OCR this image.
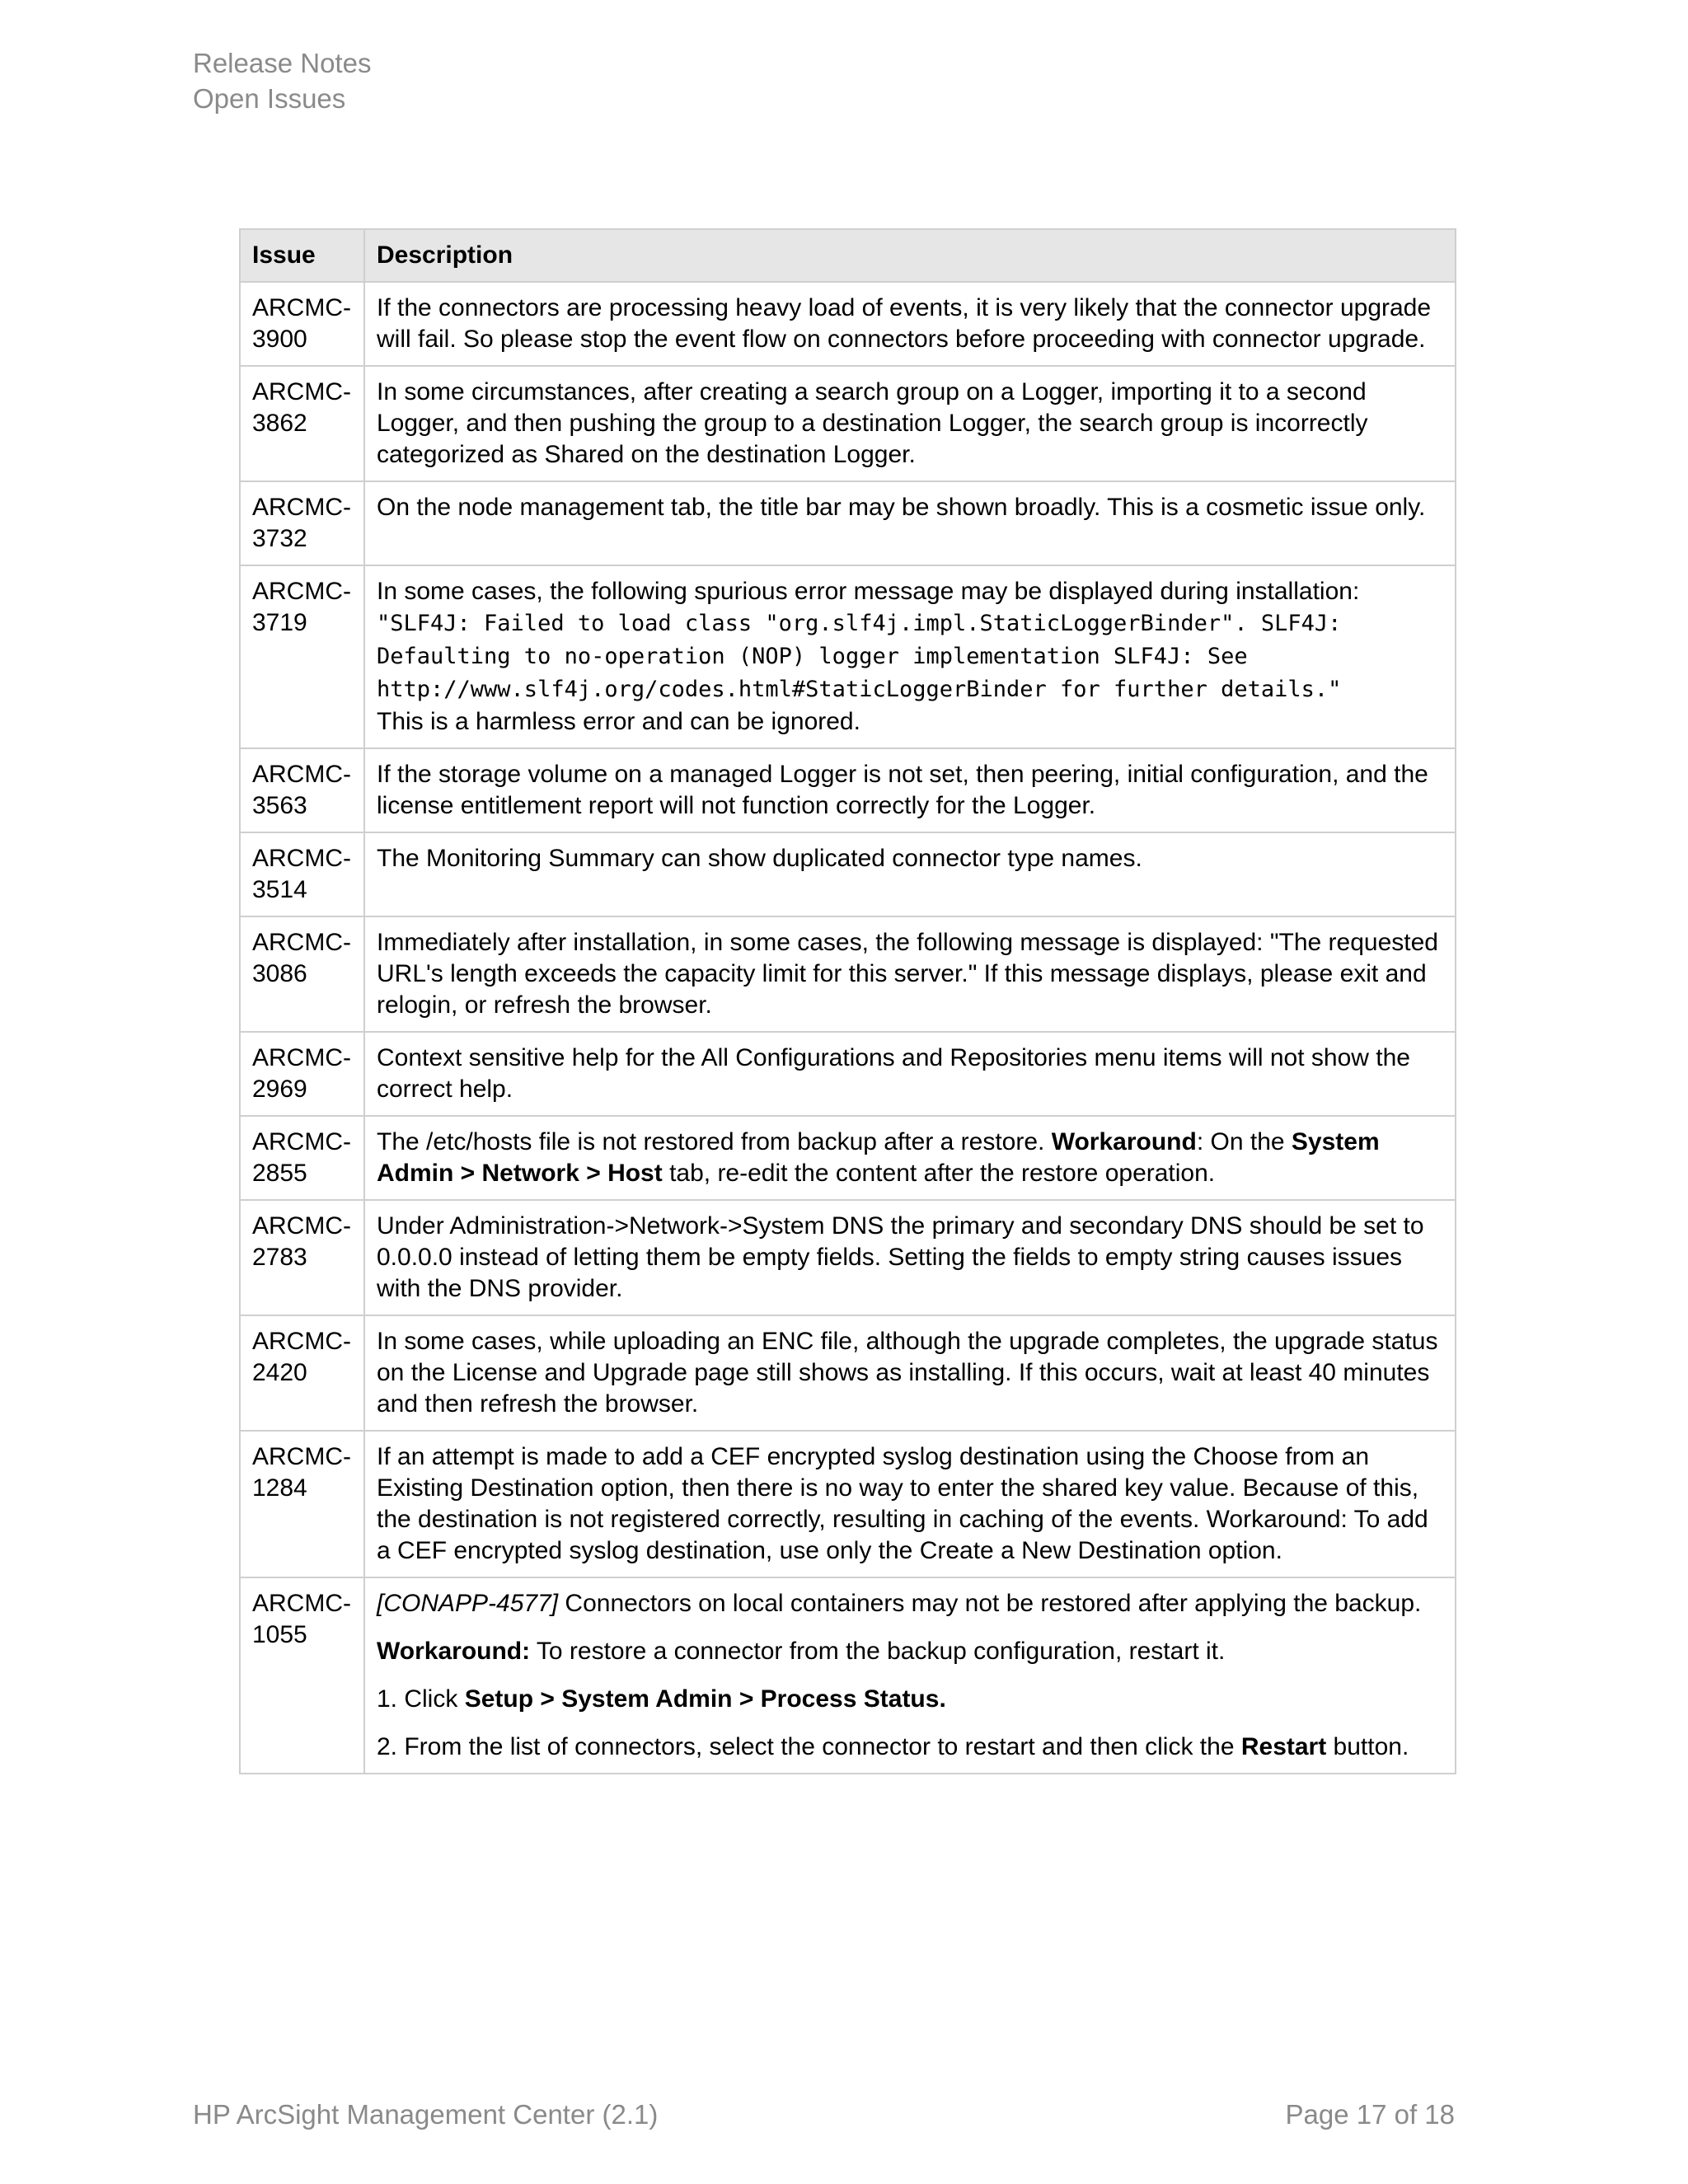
Release Notes
Open Issues
Issue	Description
ARCMC-3900	If the connectors are processing heavy load of events, it is very likely that the connector upgrade will fail. So please stop the event flow on connectors before proceeding with connector upgrade.
ARCMC-3862	In some circumstances, after creating a search group on a Logger, importing it to a second Logger, and then pushing the group to a destination Logger, the search group is incorrectly categorized as Shared on the destination Logger.
ARCMC-3732	On the node management tab, the title bar may be shown broadly. This is a cosmetic issue only.
ARCMC-3719	In some cases, the following spurious error message may be displayed during installation:
"SLF4J: Failed to load class "org.slf4j.impl.StaticLoggerBinder". SLF4J: Defaulting to no-operation (NOP) logger implementation SLF4J: See http://www.slf4j.org/codes.html#StaticLoggerBinder for further details."
This is a harmless error and can be ignored.
ARCMC-3563	If the storage volume on a managed Logger is not set, then peering, initial configuration, and the license entitlement report will not function correctly for the Logger.
ARCMC-3514	The Monitoring Summary can show duplicated connector type names.
ARCMC-3086	Immediately after installation, in some cases, the following message is displayed: "The requested URL's length exceeds the capacity limit for this server." If this message displays, please exit and relogin, or refresh the browser.
ARCMC-2969	Context sensitive help for the All Configurations and Repositories menu items will not show the correct help.
ARCMC-2855	The /etc/hosts file is not restored from backup after a restore. Workaround: On the System Admin > Network > Host tab, re-edit the content after the restore operation.
ARCMC-2783	Under Administration->Network->System DNS the primary and secondary DNS should be set to 0.0.0.0 instead of letting them be empty fields. Setting the fields to empty string causes issues with the DNS provider.
ARCMC-2420	In some cases, while uploading an ENC file, although the upgrade completes, the upgrade status on the License and Upgrade page still shows as installing. If this occurs, wait at least 40 minutes and then refresh the browser.
ARCMC-1284	If an attempt is made to add a CEF encrypted syslog destination using the Choose from an Existing Destination option, then there is no way to enter the shared key value. Because of this, the destination is not registered correctly, resulting in caching of the events. Workaround: To add a CEF encrypted syslog destination, use only the Create a New Destination option.
ARCMC-1055	[CONAPP-4577] Connectors on local containers may not be restored after applying the backup.

Workaround: To restore a connector from the backup configuration, restart it.

1. Click Setup > System Admin > Process Status.

2. From the list of connectors, select the connector to restart and then click the Restart button.

HP ArcSight Management Center (2.1)	Page 17 of 18
